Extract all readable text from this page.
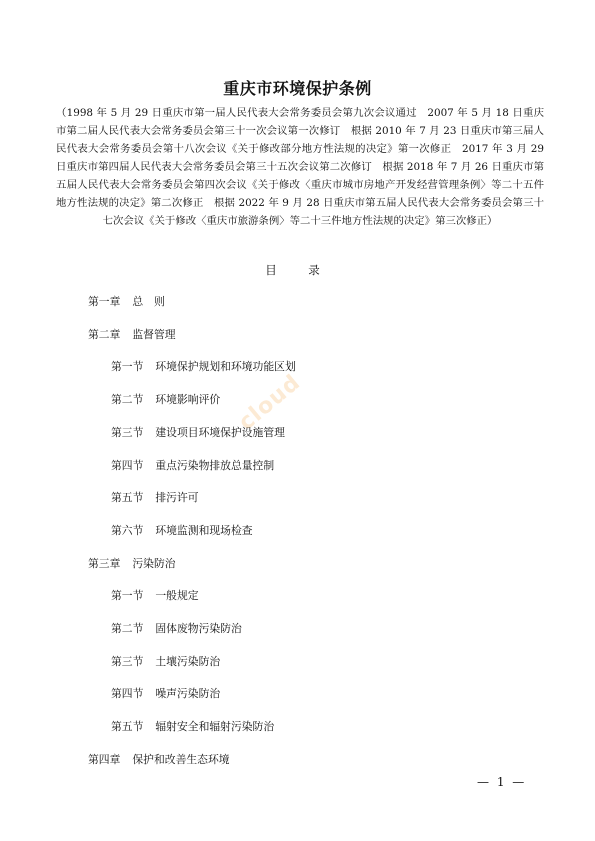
重庆市环境保护条例
（1998 年 5 月 29 日重庆市第一届人民代表大会常务委员会第九次会议通过　2007 年 5 月 18 日重庆市第二届人民代表大会常务委员会第三十一次会议第一次修订　根据 2010 年 7 月 23 日重庆市第三届人民代表大会常务委员会第十八次会议《关于修改部分地方性法规的决定》第一次修正　2017 年 3 月 29 日重庆市第四届人民代表大会常务委员会第三十五次会议第二次修订　根据 2018 年 7 月 26 日重庆市第五届人民代表大会常务委员会第四次会议《关于修改〈重庆市城市房地产开发经营管理条例〉等二十五件地方性法规的决定》第二次修正　根据 2022 年 9 月 28 日重庆市第五届人民代表大会常务委员会第三十七次会议《关于修改〈重庆市旅游条例〉等二十三件地方性法规的决定》第三次修正）
目　录
第一章 总　则
第二章 监督管理
第一节 环境保护规划和环境功能区划
第二节 环境影响评价
第三节 建设项目环境保护设施管理
第四节 重点污染物排放总量控制
第五节 排污许可
第六节 环境监测和现场检查
第三章 污染防治
第一节 一般规定
第二节 固体废物污染防治
第三节 土壤污染防治
第四节 噪声污染防治
第五节 辐射安全和辐射污染防治
第四章 保护和改善生态环境
cloud
— 1 —
